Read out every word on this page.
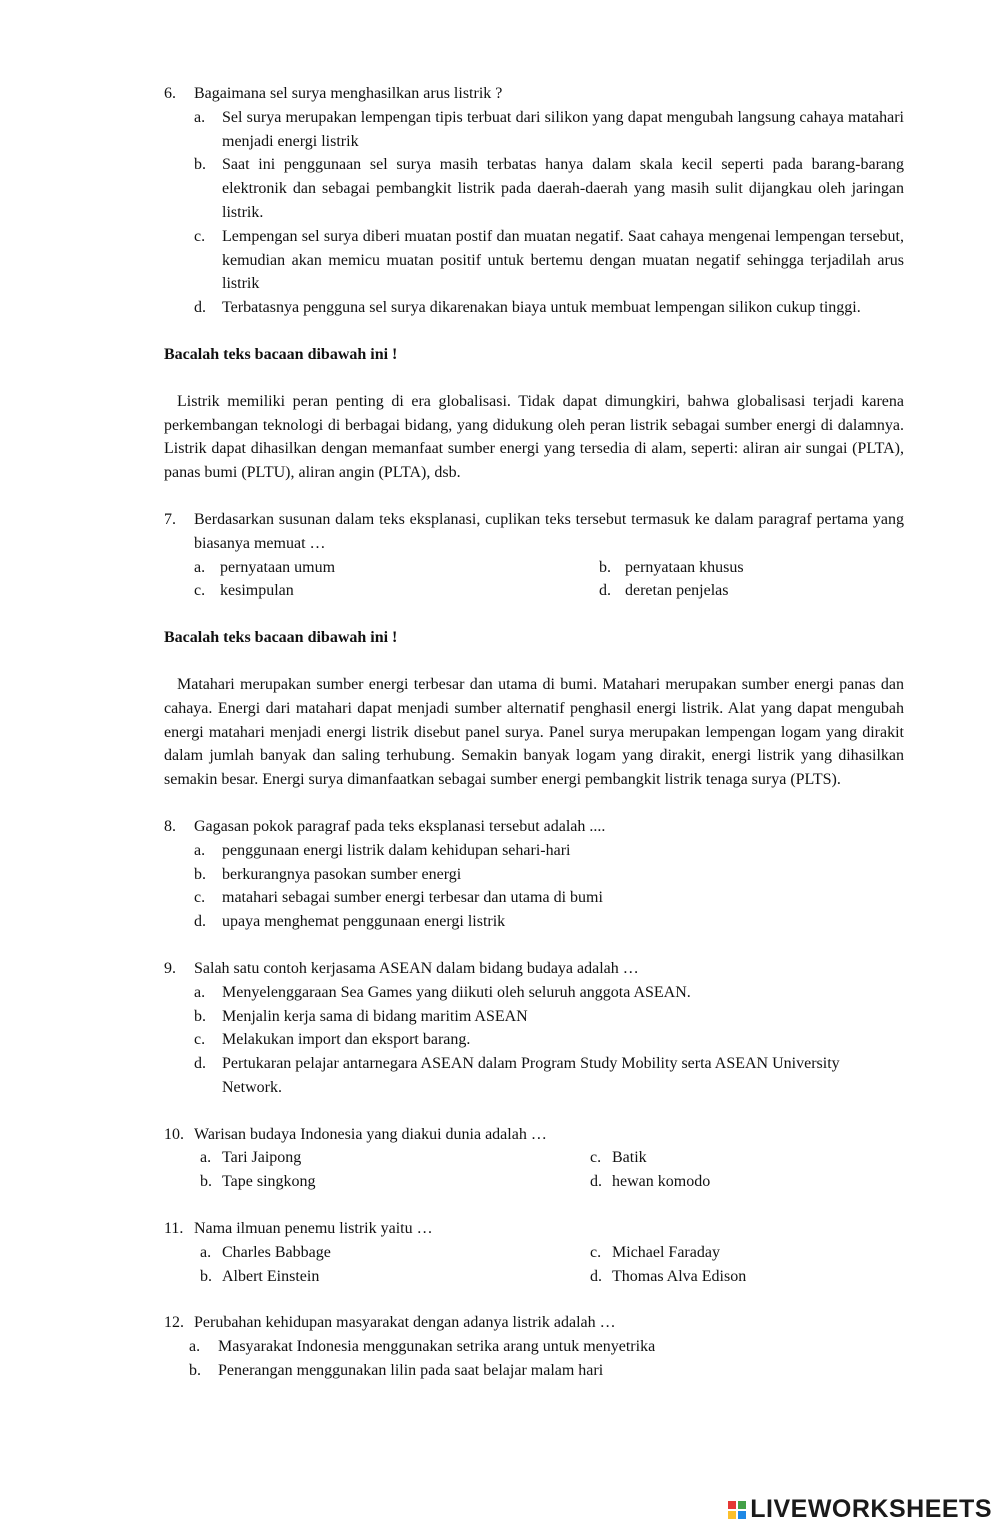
6.	Bagaimana sel surya menghasilkan arus listrik ?
a.	Sel surya merupakan lempengan tipis terbuat dari silikon yang dapat mengubah langsung cahaya matahari menjadi energi listrik
b.	Saat ini penggunaan sel surya masih terbatas hanya dalam skala kecil seperti pada barang-barang elektronik dan sebagai pembangkit listrik pada daerah-daerah yang masih sulit dijangkau oleh jaringan listrik.
c.	Lempengan sel surya diberi muatan postif dan muatan negatif. Saat cahaya mengenai lempengan tersebut, kemudian akan memicu muatan positif untuk bertemu dengan muatan negatif sehingga terjadilah arus listrik
d.	Terbatasnya pengguna sel surya dikarenakan biaya untuk membuat lempengan silikon cukup tinggi.
Bacalah teks bacaan dibawah ini !
Listrik memiliki peran penting di era globalisasi. Tidak dapat dimungkiri, bahwa globalisasi terjadi karena perkembangan teknologi di berbagai bidang, yang didukung oleh peran listrik sebagai sumber energi di dalamnya. Listrik dapat dihasilkan dengan memanfaat sumber energi yang tersedia di alam, seperti: aliran air sungai (PLTA), panas bumi (PLTU), aliran angin (PLTA), dsb.
7.	Berdasarkan susunan dalam teks eksplanasi, cuplikan teks tersebut termasuk ke dalam paragraf pertama yang biasanya memuat …
a. pernyataan umum	b. pernyataan khusus
c. kesimpulan	d. deretan penjelas
Bacalah teks bacaan dibawah ini !
Matahari merupakan sumber energi terbesar dan utama di bumi. Matahari merupakan sumber energi panas dan cahaya. Energi dari matahari dapat menjadi sumber alternatif penghasil energi listrik. Alat yang dapat mengubah energi matahari menjadi energi listrik disebut panel surya. Panel surya merupakan lempengan logam yang dirakit dalam jumlah banyak dan saling terhubung. Semakin banyak logam yang dirakit, energi listrik yang dihasilkan semakin besar. Energi surya dimanfaatkan sebagai sumber energi pembangkit listrik tenaga surya (PLTS).
8.	Gagasan pokok paragraf pada teks eksplanasi tersebut adalah ....
a.	penggunaan energi listrik dalam kehidupan sehari-hari
b.	berkurangnya pasokan sumber energi
c.	matahari sebagai sumber energi terbesar dan utama di bumi
d.	upaya menghemat penggunaan energi listrik
9.	Salah satu contoh kerjasama ASEAN dalam bidang budaya adalah …
a.	Menyelenggaraan Sea Games yang diikuti oleh seluruh anggota ASEAN.
b.	Menjalin kerja sama di bidang maritim ASEAN
c.	Melakukan import dan eksport barang.
d.	Pertukaran pelajar antarnegara ASEAN dalam Program Study Mobility serta ASEAN University Network.
10. Warisan budaya Indonesia yang diakui dunia adalah …
a. Tari Jaipong	c. Batik
b. Tape singkong	d. hewan komodo
11. Nama ilmuan penemu listrik yaitu …
a. Charles Babbage	c. Michael Faraday
b. Albert Einstein	d. Thomas Alva Edison
12. Perubahan kehidupan masyarakat dengan adanya listrik adalah …
a.	Masyarakat Indonesia menggunakan setrika arang untuk menyetrika
b.	Penerangan menggunakan lilin pada saat belajar malam hari
LIVEWORKSHEETS
